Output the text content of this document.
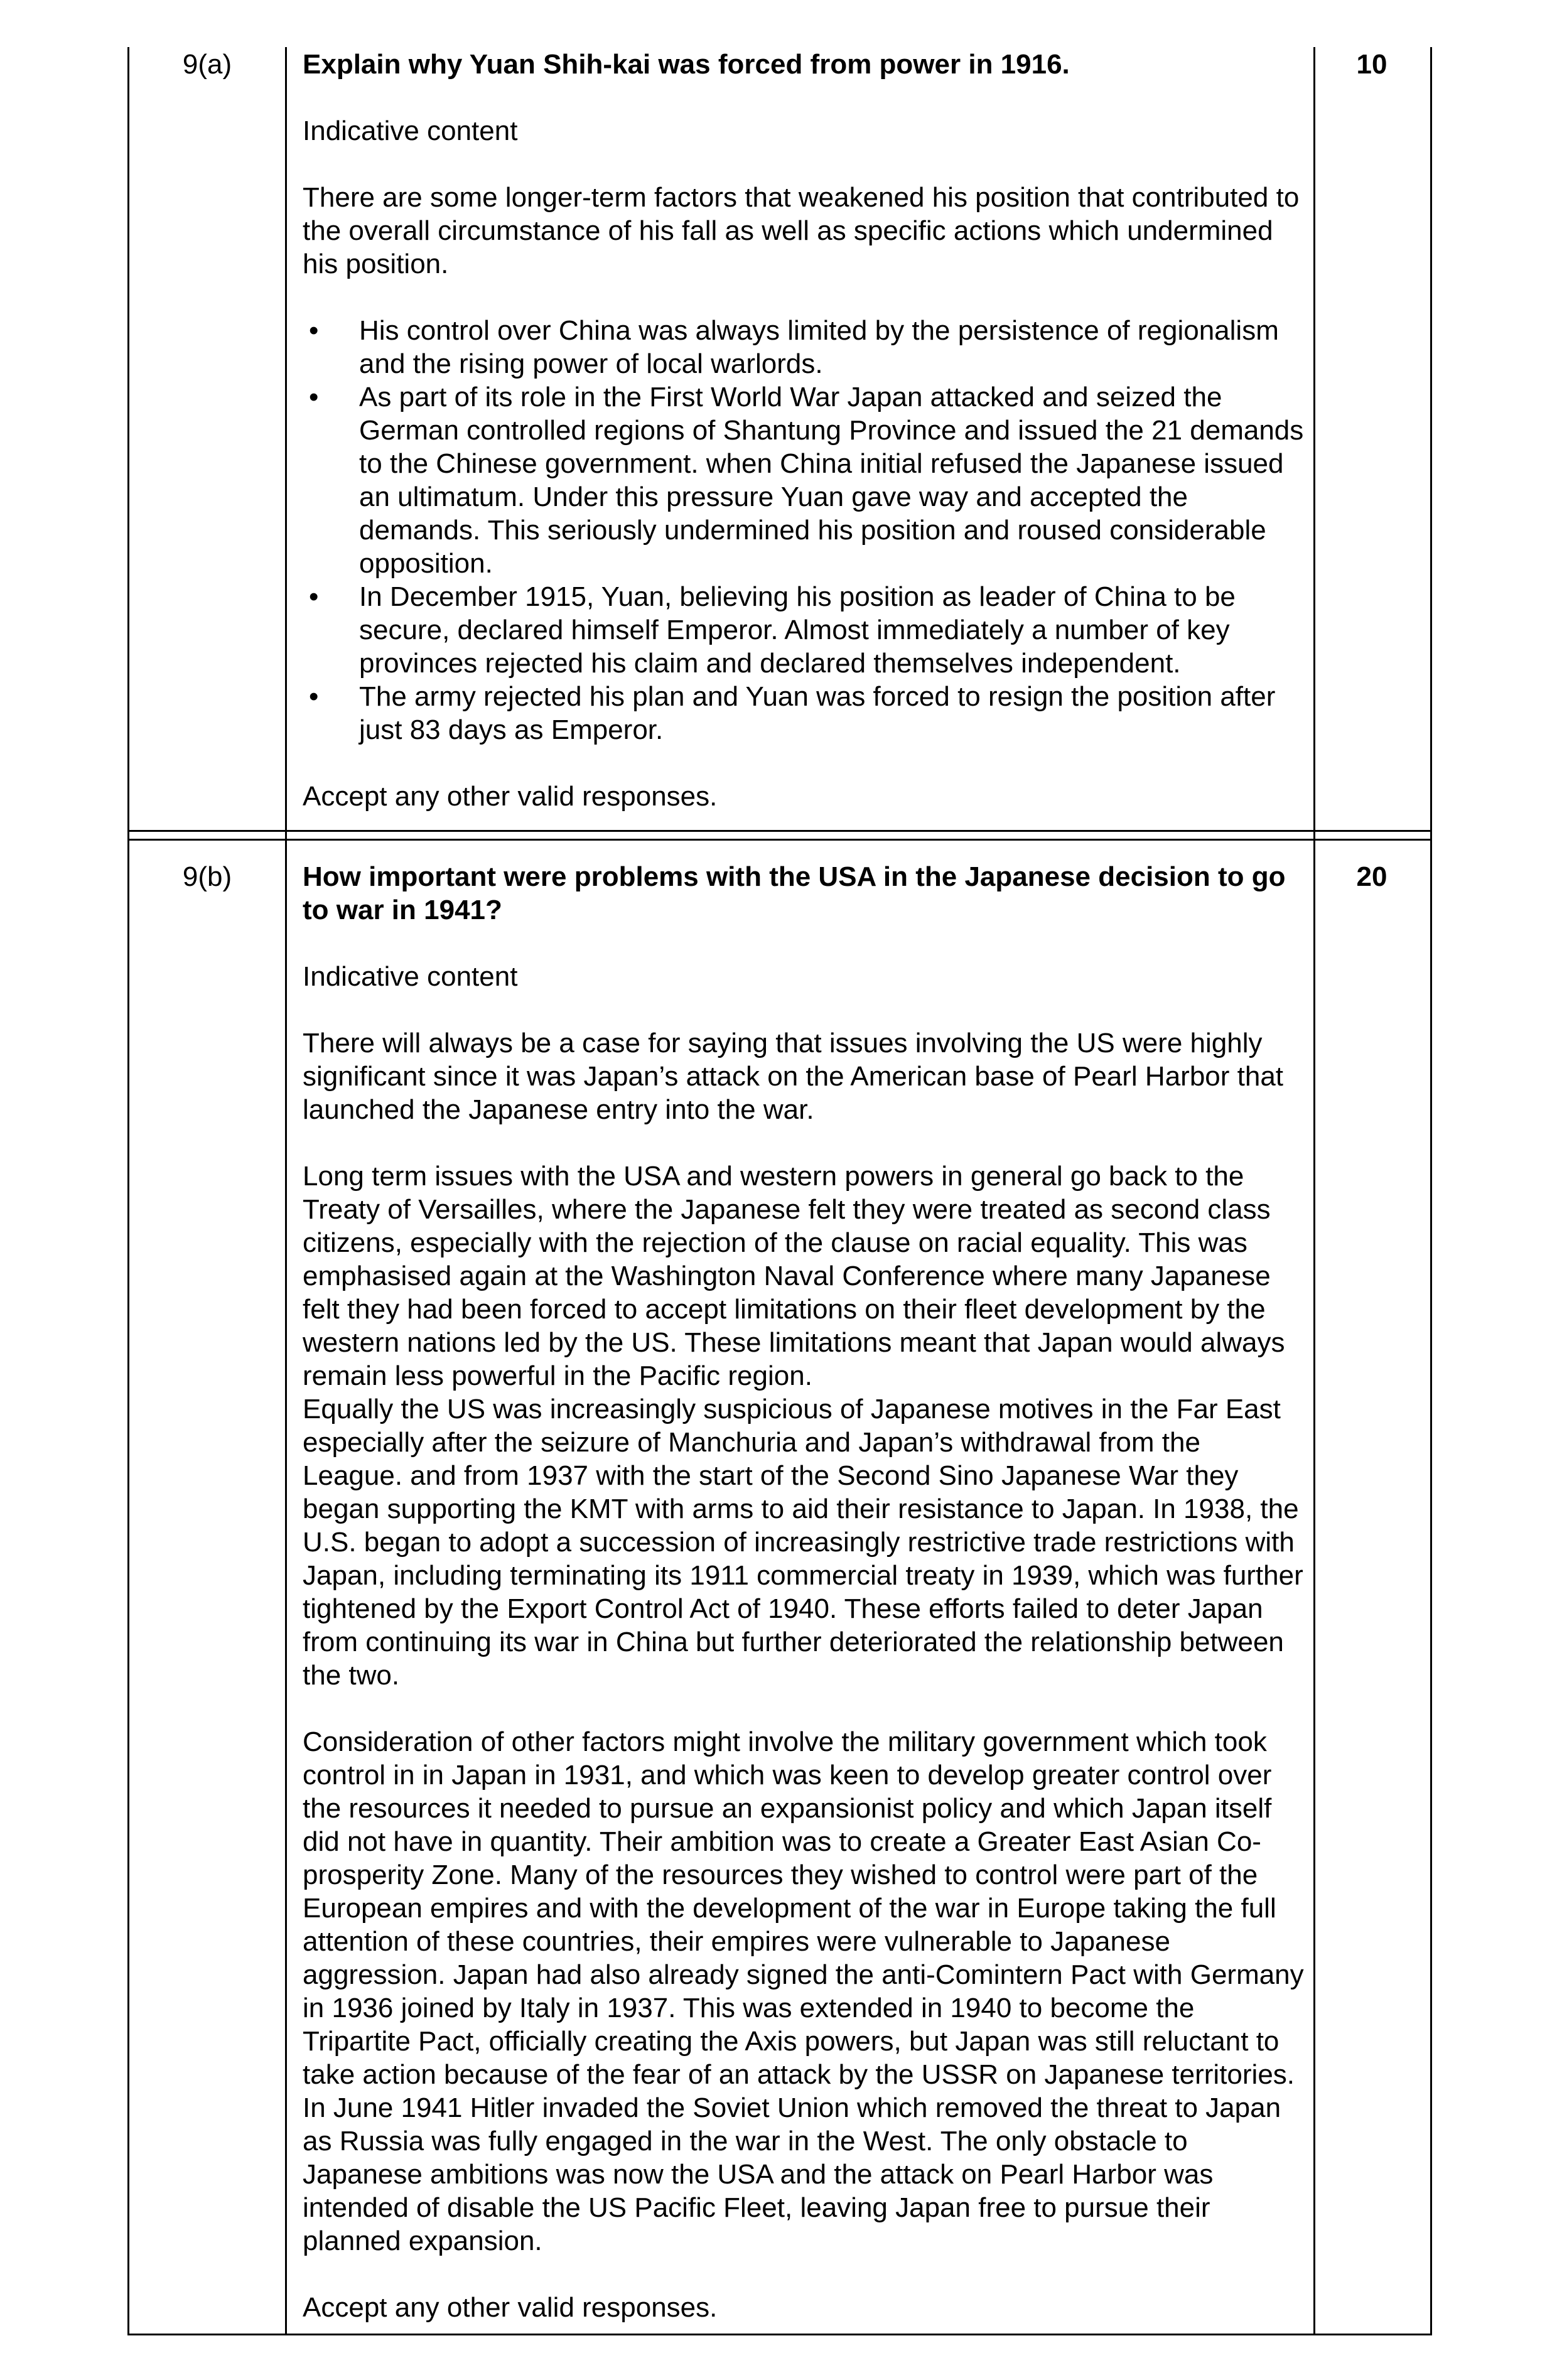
9(a)	10

Explain why Yuan Shih-kai was forced from power in 1916.

Indicative content

There are some longer-term factors that weakened his position that contributed to the overall circumstance of his fall as well as specific actions which undermined his position.

• His control over China was always limited by the persistence of regionalism and the rising power of local warlords.
• As part of its role in the First World War Japan attacked and seized the German controlled regions of Shantung Province and issued the 21 demands to the Chinese government. when China initial refused the Japanese issued an ultimatum. Under this pressure Yuan gave way and accepted the demands. This seriously undermined his position and roused considerable opposition.
• In December 1915, Yuan, believing his position as leader of China to be secure, declared himself Emperor. Almost immediately a number of key provinces rejected his claim and declared themselves independent.
• The army rejected his plan and Yuan was forced to resign the position after just 83 days as Emperor.

Accept any other valid responses.

9(b)	20

How important were problems with the USA in the Japanese decision to go to war in 1941?

Indicative content

There will always be a case for saying that issues involving the US were highly significant since it was Japan’s attack on the American base of Pearl Harbor that launched the Japanese entry into the war.

Long term issues with the USA and western powers in general go back to the Treaty of Versailles, where the Japanese felt they were treated as second class citizens, especially with the rejection of the clause on racial equality. This was emphasised again at the Washington Naval Conference where many Japanese felt they had been forced to accept limitations on their fleet development by the western nations led by the US. These limitations meant that Japan would always remain less powerful in the Pacific region.

Equally the US was increasingly suspicious of Japanese motives in the Far East especially after the seizure of Manchuria and Japan’s withdrawal from the League. and from 1937 with the start of the Second Sino Japanese War they began supporting the KMT with arms to aid their resistance to Japan. In 1938, the U.S. began to adopt a succession of increasingly restrictive trade restrictions with Japan, including terminating its 1911 commercial treaty in 1939, which was further tightened by the Export Control Act of 1940. These efforts failed to deter Japan from continuing its war in China but further deteriorated the relationship between the two.

Consideration of other factors might involve the military government which took control in in Japan in 1931, and which was keen to develop greater control over the resources it needed to pursue an expansionist policy and which Japan itself did not have in quantity. Their ambition was to create a Greater East Asian Co-prosperity Zone. Many of the resources they wished to control were part of the European empires and with the development of the war in Europe taking the full attention of these countries, their empires were vulnerable to Japanese aggression. Japan had also already signed the anti-Comintern Pact with Germany in 1936 joined by Italy in 1937. This was extended in 1940 to become the Tripartite Pact, officially creating the Axis powers, but Japan was still reluctant to take action because of the fear of an attack by the USSR on Japanese territories. In June 1941 Hitler invaded the Soviet Union which removed the threat to Japan as Russia was fully engaged in the war in the West. The only obstacle to Japanese ambitions was now the USA and the attack on Pearl Harbor was intended of disable the US Pacific Fleet, leaving Japan free to pursue their planned expansion.

Accept any other valid responses.
